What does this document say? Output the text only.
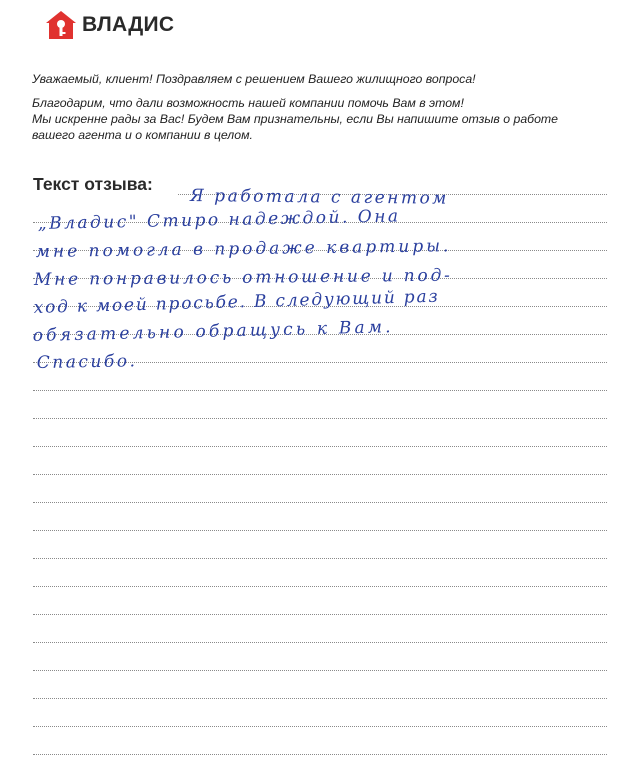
ВЛАДИС

Уважаемый, клиент! Поздравляем с решением Вашего жилищного вопроса!

Благодарим, что дали возможность нашей компании помочь Вам в этом!

Мы искренне рады за Вас! Будем Вам признательны, если Вы напишите отзыв о работе

вашего агента и о компании в целом.

Текст отзыва:
Я работала с агентом
„Владис" Стиро надеждой. Она
мне помогла в продаже квартиры.
Мне понравилось отношение и под-
ход к моей просьбе. В следующий раз
обязательно обращусь к Вам.
Спасибо.
